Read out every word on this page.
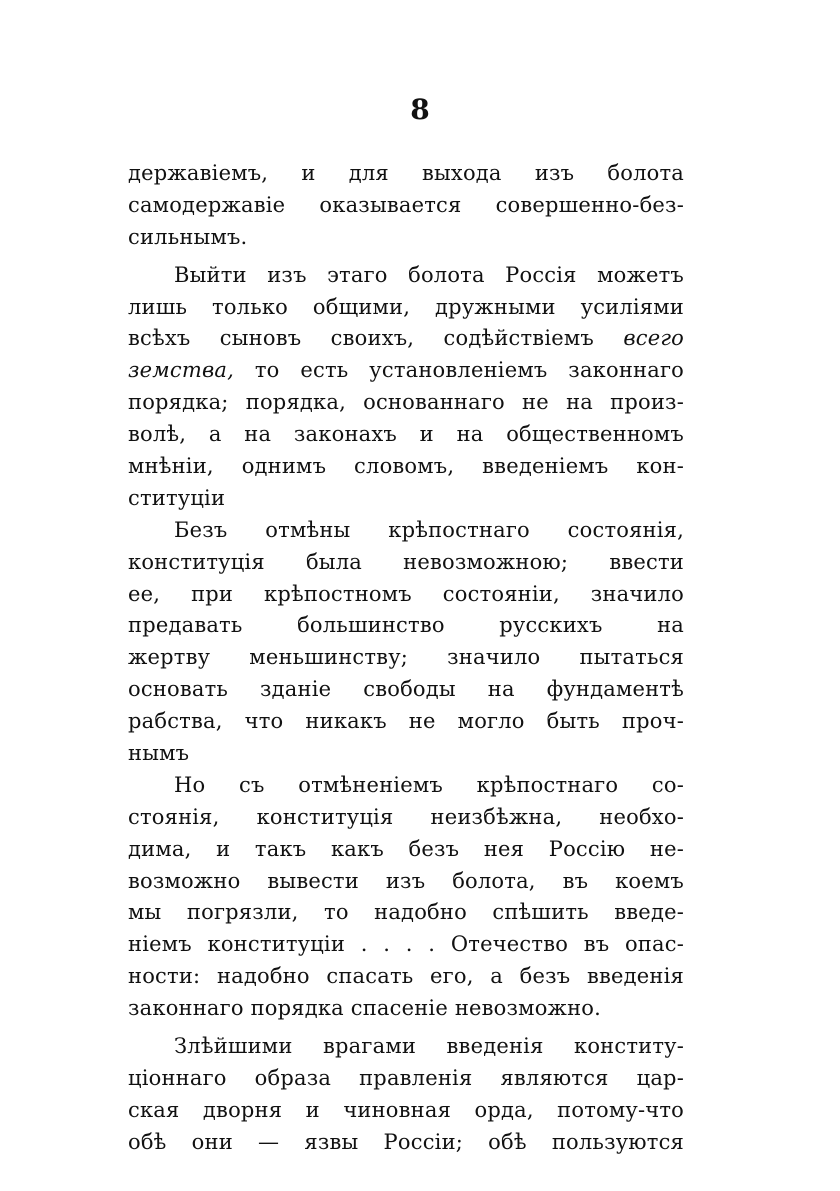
8
державіемъ, и для выхода изъ болота
самодержавіе оказывается совершенно-без-
сильнымъ.
Выйти изъ этаго болота Россія можетъ
лишь только общими, дружными усиліями
всѣхъ сыновъ своихъ, содѣйствіемъ всего
земства, то есть установленіемъ законнаго
порядка; порядка, основаннаго не на произ-
волѣ, а на законахъ и на общественномъ
мнѣніи, однимъ словомъ, введеніемъ кон-
ституціи
Безъ отмѣны крѣпостнаго состоянія,
конституція была невозможною; ввести
ее, при крѣпостномъ состояніи, значило
предавать большинство русскихъ на
жертву меньшинству; значило пытаться
основать зданіе свободы на фундаментѣ
рабства, что никакъ не могло быть проч-
нымъ
Но съ отмѣненіемъ крѣпостнаго со-
стоянія, конституція неизбѣжна, необхо-
дима, и такъ какъ безъ нея Россію не-
возможно вывести изъ болота, въ коемъ
мы погрязли, то надобно спѣшить введе-
ніемъ конституціи . . . . Отечество въ опас-
ности: надобно спасать его, а безъ введенія
законнаго порядка спасеніе невозможно.
Злѣйшими врагами введенія конститу-
ціоннаго образа правленія являются цар-
ская дворня и чиновная орда, потому-что
обѣ они — язвы Россіи; обѣ пользуются
